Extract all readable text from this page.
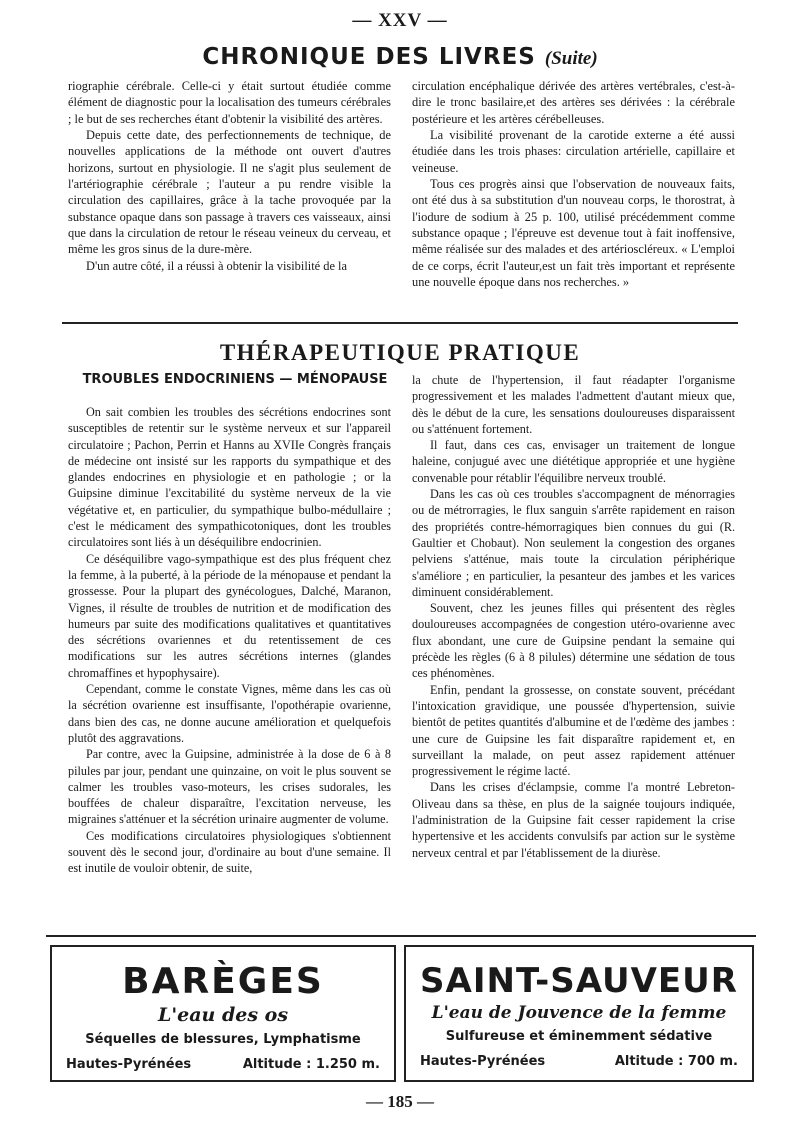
— XXV —
CHRONIQUE DES LIVRES (Suite)

riographie cérébrale. Celle-ci y était surtout étudiée comme élément de diagnostic pour la localisation des tumeurs cérébrales ; le but de ses recherches étant d'obtenir la visibilité des artères.

Depuis cette date, des perfectionnements de technique, de nouvelles applications de la méthode ont ouvert d'autres horizons, surtout en physiologie. Il ne s'agit plus seulement de l'artériographie cérébrale ; l'auteur a pu rendre visible la circulation des capillaires, grâce à la tache provoquée par la substance opaque dans son passage à travers ces vaisseaux, ainsi que dans la circulation de retour le réseau veineux du cerveau, et même les gros sinus de la dure-mère.

D'un autre côté, il a réussi à obtenir la visibilité de la

circulation encéphalique dérivée des artères vertébrales, c'est-à-dire le tronc basilaire,et des artères ses dérivées : la cérébrale postérieure et les artères cérébelleuses.

La visibilité provenant de la carotide externe a été aussi étudiée dans les trois phases: circulation artérielle, capillaire et veineuse.

Tous ces progrès ainsi que l'observation de nouveaux faits, ont été dus à sa substitution d'un nouveau corps, le thorostrat, à l'iodure de sodium à 25 p. 100, utilisé précédemment comme substance opaque ; l'épreuve est devenue tout à fait inoffensive, même réalisée sur des malades et des artérioscléreux. « L'emploi de ce corps, écrit l'auteur,est un fait très important et représente une nouvelle époque dans nos recherches. »

THÉRAPEUTIQUE PRATIQUE
TROUBLES ENDOCRINIENS — MÉNOPAUSE

On sait combien les troubles des sécrétions endocrines sont susceptibles de retentir sur le système nerveux et sur l'appareil circulatoire ; Pachon, Perrin et Hanns au XVIIe Congrès français de médecine ont insisté sur les rapports du sympathique et des glandes endocrines en physiologie et en pathologie ; or la Guipsine diminue l'excitabilité du système nerveux de la vie végétative et, en particulier, du sympathique bulbo-médullaire ; c'est le médicament des sympathicotoniques, dont les troubles circulatoires sont liés à un déséquilibre endocrinien.

Ce déséquilibre vago-sympathique est des plus fréquent chez la femme, à la puberté, à la période de la ménopause et pendant la grossesse. Pour la plupart des gynécologues, Dalché, Maranon, Vignes, il résulte de troubles de nutrition et de modification des humeurs par suite des modifications qualitatives et quantitatives des sécrétions ovariennes et du retentissement de ces modifications sur les autres sécrétions internes (glandes chromaffines et hypophysaire).

Cependant, comme le constate Vignes, même dans les cas où la sécrétion ovarienne est insuffisante, l'opothérapie ovarienne, dans bien des cas, ne donne aucune amélioration et quelquefois plutôt des aggravations.

Par contre, avec la Guipsine, administrée à la dose de 6 à 8 pilules par jour, pendant une quinzaine, on voit le plus souvent se calmer les troubles vaso-moteurs, les crises sudorales, les bouffées de chaleur disparaître, l'excitation nerveuse, les migraines s'atténuer et la sécrétion urinaire augmenter de volume.

Ces modifications circulatoires physiologiques s'obtiennent souvent dès le second jour, d'ordinaire au bout d'une semaine. Il est inutile de vouloir obtenir, de suite,

la chute de l'hypertension, il faut réadapter l'organisme progressivement et les malades l'admettent d'autant mieux que, dès le début de la cure, les sensations douloureuses disparaissent ou s'atténuent fortement.

Il faut, dans ces cas, envisager un traitement de longue haleine, conjugué avec une diététique appropriée et une hygiène convenable pour rétablir l'équilibre nerveux troublé.

Dans les cas où ces troubles s'accompagnent de ménorragies ou de métrorragies, le flux sanguin s'arrête rapidement en raison des propriétés contre-hémorragiques bien connues du gui (R. Gaultier et Chobaut). Non seulement la congestion des organes pelviens s'atténue, mais toute la circulation périphérique s'améliore ; en particulier, la pesanteur des jambes et les varices diminuent considérablement.

Souvent, chez les jeunes filles qui présentent des règles douloureuses accompagnées de congestion utéro-ovarienne avec flux abondant, une cure de Guipsine pendant la semaine qui précède les règles (6 à 8 pilules) détermine une sédation de tous ces phénomènes.

Enfin, pendant la grossesse, on constate souvent, précédant l'intoxication gravidique, une poussée d'hypertension, suivie bientôt de petites quantités d'albumine et de l'œdème des jambes : une cure de Guipsine les fait disparaître rapidement et, en surveillant la malade, on peut assez rapidement atténuer progressivement le régime lacté.

Dans les crises d'éclampsie, comme l'a montré Lebreton-Oliveau dans sa thèse, en plus de la saignée toujours indiquée, l'administration de la Guipsine fait cesser rapidement la crise hypertensive et les accidents convulsifs par action sur le système nerveux central et par l'établissement de la diurèse.

BARÈGES
L'eau des os
Séquelles de blessures, Lymphatisme
Hautes-Pyrénées	Altitude : 1.250 m.
SAINT-SAUVEUR
L'eau de Jouvence de la femme
Sulfureuse et éminemment sédative
Hautes-Pyrénées	Altitude : 700 m.
— 185 —
